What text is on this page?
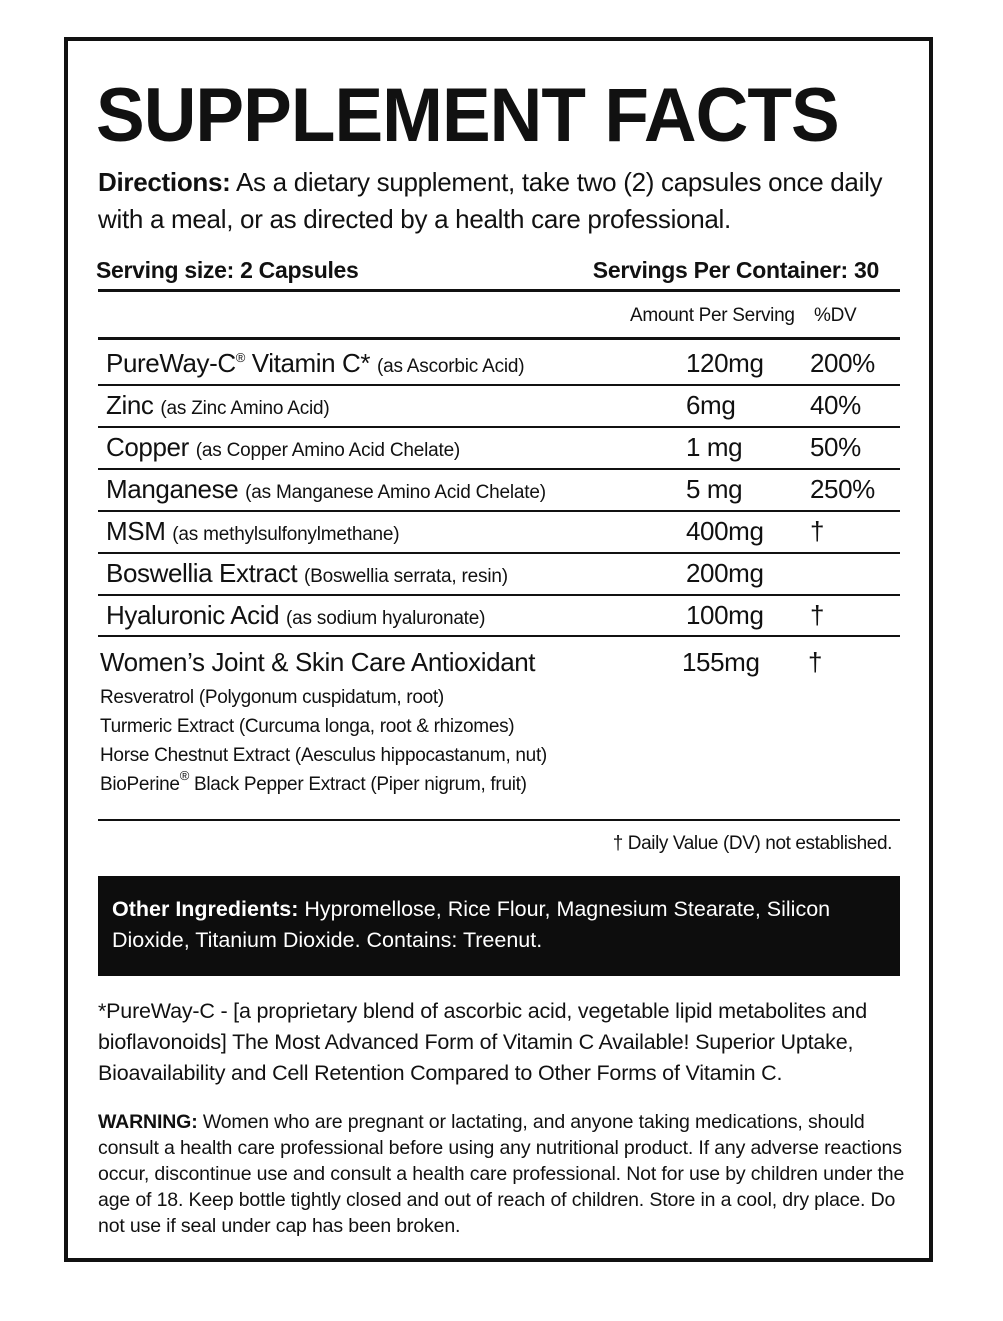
SUPPLEMENT FACTS
Directions: As a dietary supplement, take two (2) capsules once daily with a meal, or as directed by a health care professional.
Serving size: 2 Capsules	Servings Per Container: 30
Amount Per Serving %DV
PureWay-C® Vitamin C* (as Ascorbic Acid)	120mg 200%
Zinc (as Zinc Amino Acid)	6mg	40%
Copper (as Copper Amino Acid Chelate)	1 mg	50%
Manganese (as Manganese Amino Acid Chelate)	5 mg	250%
MSM (as methylsulfonylmethane)	400mg †
Boswellia Extract (Boswellia serrata, resin)	200mg
Hyaluronic Acid (as sodium hyaluronate)	100mg †
Women’s Joint & Skin Care Antioxidant	155mg †
Resveratrol (Polygonum cuspidatum, root)
Turmeric Extract (Curcuma longa, root & rhizomes)
Horse Chestnut Extract (Aesculus hippocastanum, nut)
BioPerine® Black Pepper Extract (Piper nigrum, fruit)
† Daily Value (DV) not established.
Other Ingredients: Hypromellose, Rice Flour, Magnesium Stearate, Silicon Dioxide, Titanium Dioxide. Contains: Treenut.
*PureWay-C - [a proprietary blend of ascorbic acid, vegetable lipid metabolites and bioflavonoids] The Most Advanced Form of Vitamin C Available! Superior Uptake, Bioavailability and Cell Retention Compared to Other Forms of Vitamin C.
WARNING: Women who are pregnant or lactating, and anyone taking medications, should consult a health care professional before using any nutritional product. If any adverse reactions occur, discontinue use and consult a health care professional. Not for use by children under the age of 18. Keep bottle tightly closed and out of reach of children. Store in a cool, dry place. Do not use if seal under cap has been broken.
